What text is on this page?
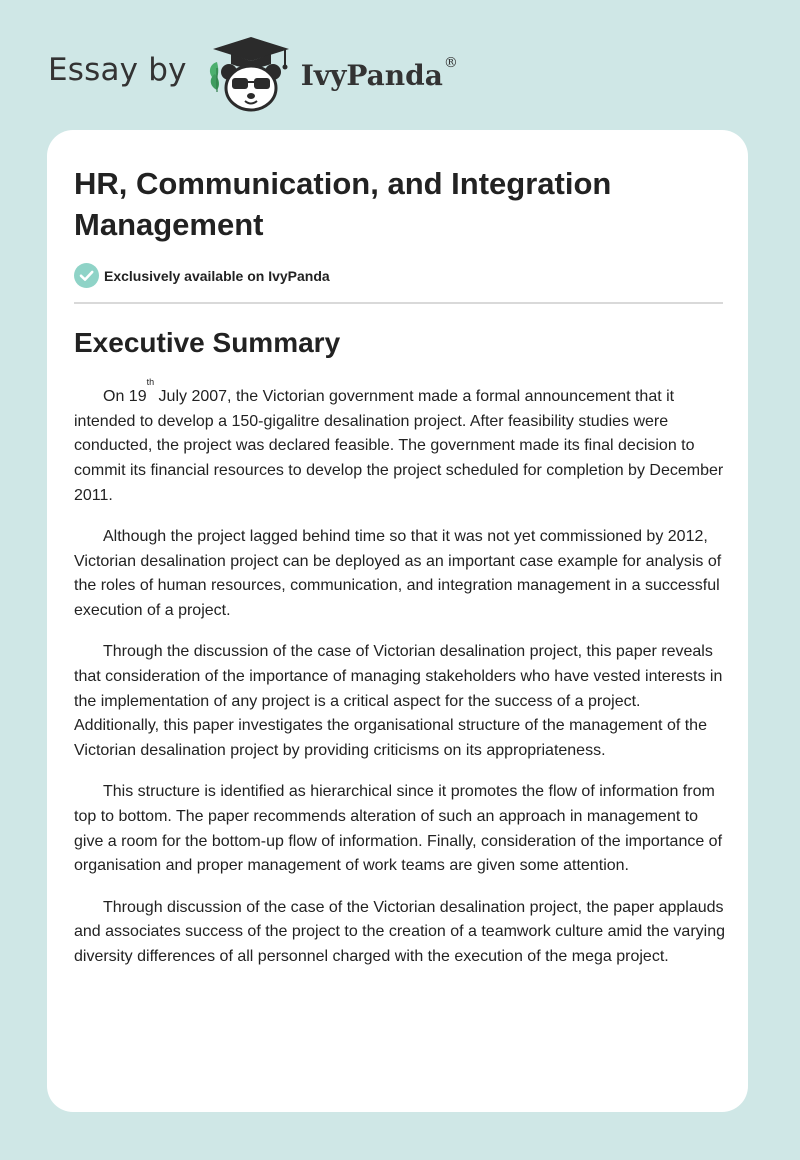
Essay by	IvyPanda®
HR, Communication, and Integration Management
Exclusively available on IvyPanda
Executive Summary

On 19th July 2007, the Victorian government made a formal announcement that it intended to develop a 150-gigalitre desalination project. After feasibility studies were conducted, the project was declared feasible. The government made its final decision to commit its financial resources to develop the project scheduled for completion by December 2011.

Although the project lagged behind time so that it was not yet commissioned by 2012, Victorian desalination project can be deployed as an important case example for analysis of the roles of human resources, communication, and integration management in a successful execution of a project.

Through the discussion of the case of Victorian desalination project, this paper reveals that consideration of the importance of managing stakeholders who have vested interests in the implementation of any project is a critical aspect for the success of a project. Additionally, this paper investigates the organisational structure of the management of the Victorian desalination project by providing criticisms on its appropriateness.

This structure is identified as hierarchical since it promotes the flow of information from top to bottom. The paper recommends alteration of such an approach in management to give a room for the bottom-up flow of information. Finally, consideration of the importance of organisation and proper management of work teams are given some attention.

Through discussion of the case of the Victorian desalination project, the paper applauds and associates success of the project to the creation of a teamwork culture amid the varying diversity differences of all personnel charged with the execution of the mega project.
